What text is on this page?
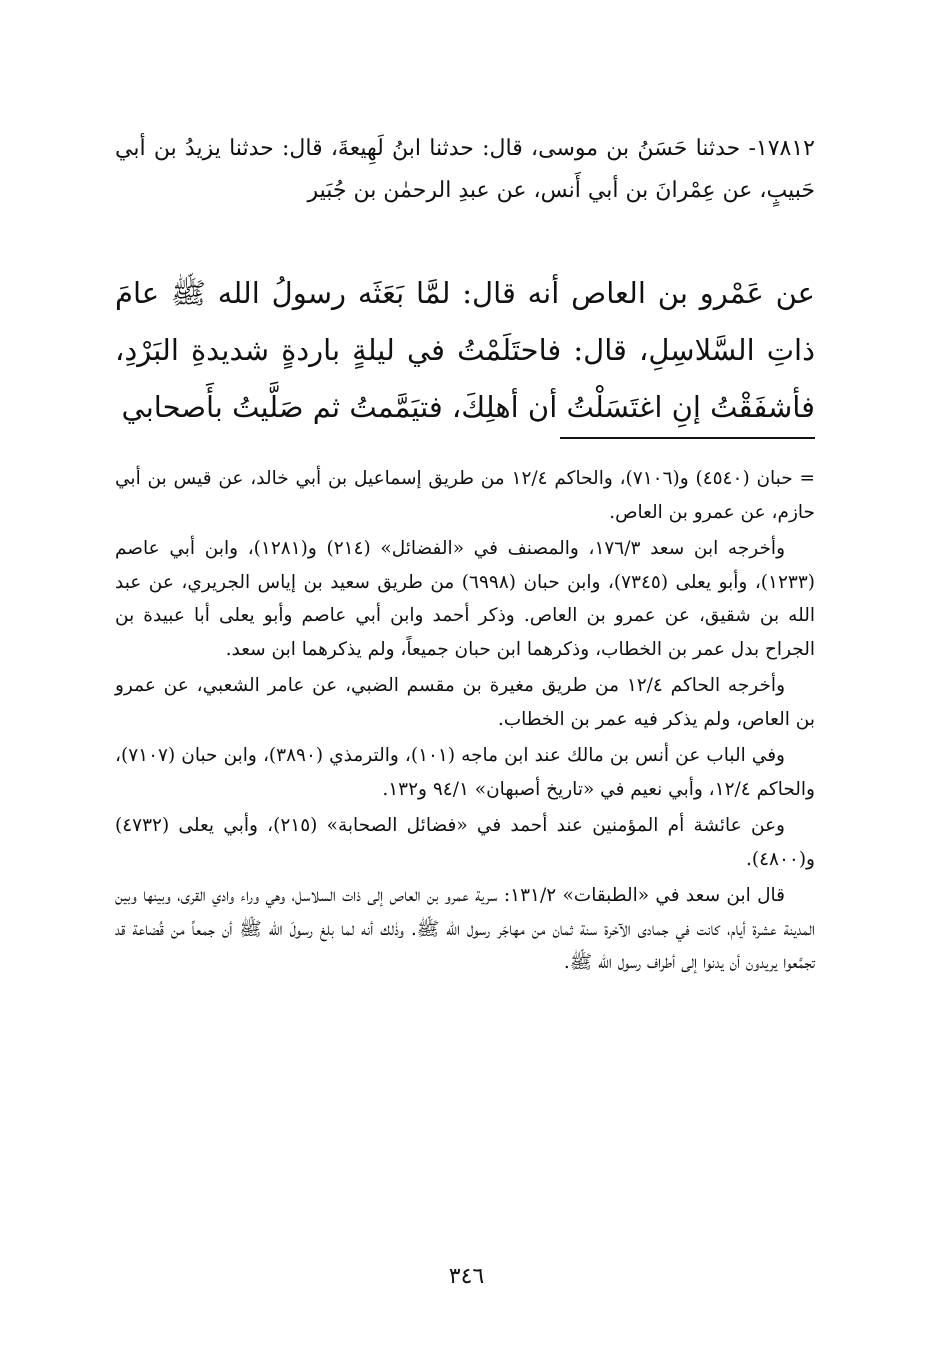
١٧٨١٢- حدثنا حَسَنُ بن موسى، قال: حدثنا ابنُ لَهِيعةَ، قال: حدثنا يزيدُ بن أبي حَبيبٍ، عن عِمْرانَ بن أبي أَنس، عن عبدِ الرحمٰن بن جُبَير
عن عَمْرو بن العاص أنه قال: لمَّا بَعَثَه رسولُ الله ﷺ عامَ ذاتِ السَّلاسِلِ، قال: فاحتَلَمْتُ في ليلةٍ باردةٍ شديدةِ البَرْدِ، فأشفَقْتُ إنِ اغتَسَلْتُ أن أهلِكَ، فتيَمَّمتُ ثم صَلَّيتُ بأَصحابي

= حبان (٤٥٤٠) و(٧١٠٦)، والحاكم ١٢/٤ من طريق إسماعيل بن أبي خالد، عن قيس بن أبي حازم، عن عمرو بن العاص.

وأخرجه ابن سعد ١٧٦/٣، والمصنف في «الفضائل» (٢١٤) و(١٢٨١)، وابن أبي عاصم (١٢٣٣)، وأبو يعلى (٧٣٤٥)، وابن حبان (٦٩٩٨) من طريق سعيد بن إياس الجريري، عن عبد الله بن شقيق، عن عمرو بن العاص. وذكر أحمد وابن أبي عاصم وأبو يعلى أبا عبيدة بن الجراح بدل عمر بن الخطاب، وذكرهما ابن حبان جميعاً، ولم يذكرهما ابن سعد.

وأخرجه الحاكم ١٢/٤ من طريق مغيرة بن مقسم الضبي، عن عامر الشعبي، عن عمرو بن العاص، ولم يذكر فيه عمر بن الخطاب.

وفي الباب عن أنس بن مالك عند ابن ماجه (١٠١)، والترمذي (٣٨٩٠)، وابن حبان (٧١٠٧)، والحاكم ١٢/٤، وأبي نعيم في «تاريخ أصبهان» ٩٤/١ و١٣٢.

وعن عائشة أم المؤمنين عند أحمد في «فضائل الصحابة» (٢١٥)، وأبي يعلى (٤٧٣٢) و(٤٨٠٠).

قال ابن سعد في «الطبقات» ١٣١/٢: سرية عمرو بن العاص إلى ذات السلاسل، وهي وراء وادي القرى، وبينها وبين المدينة عشرة أيام، كانت في جمادى الآخرة سنة ثمان من مهاجَر رسول الله ﷺ. وذٰلك أنه لما بلغ رسولَ الله ﷺ أن جمعاً من قُضاعة قد تجمَّعوا يريدون أن يدنوا إلى أطراف رسول الله ﷺ.

٣٤٦
